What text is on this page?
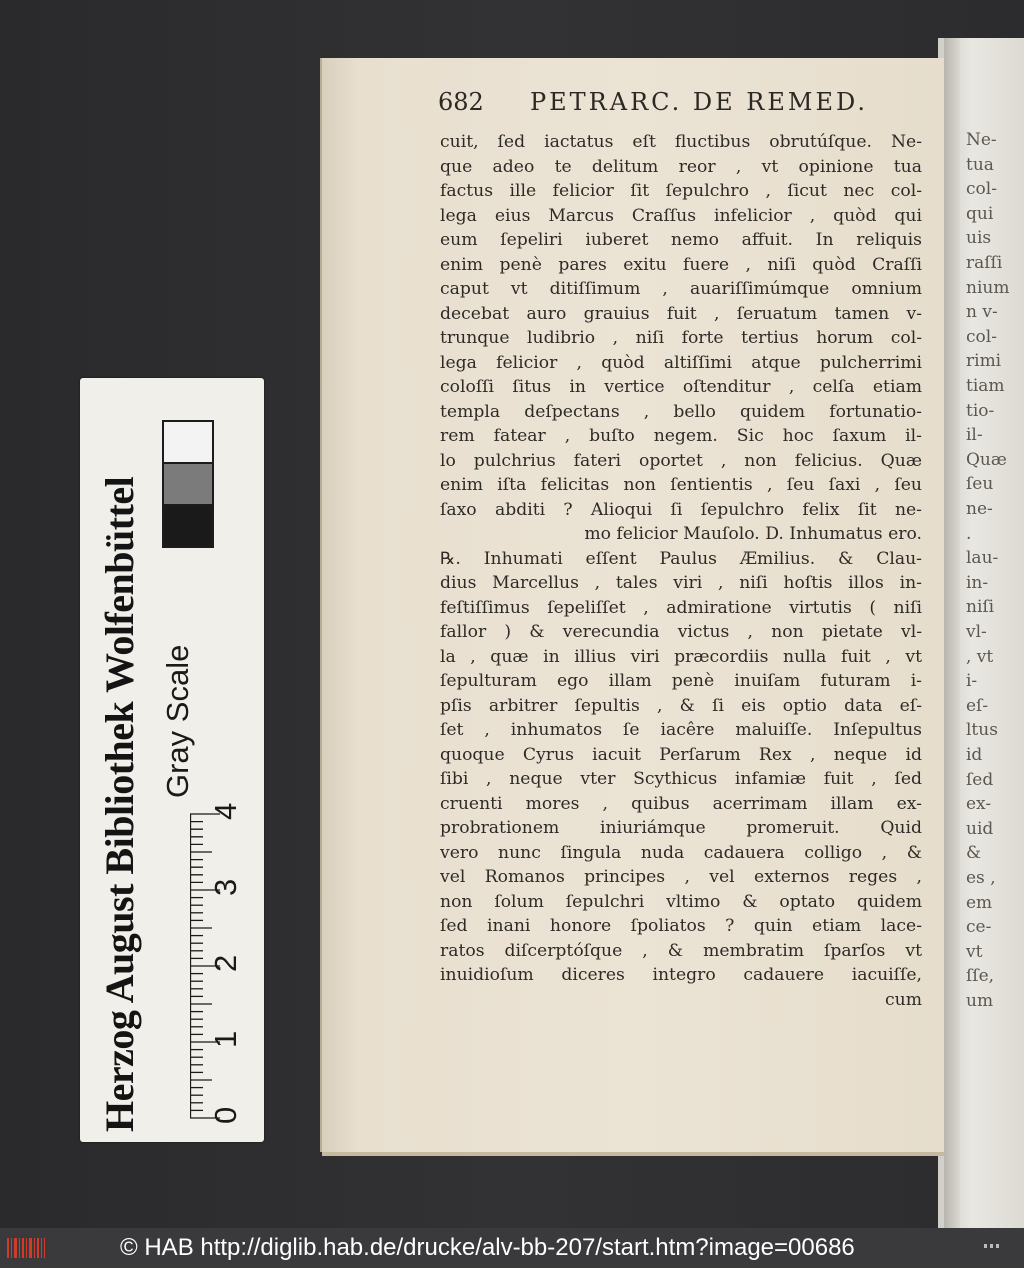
Ne-
tua
col-
qui
uis
raſſi
nium
n v-
col-
rimi
tiam
tio-
il-
Quæ
ſeu
ne-
.
lau-
in-
niſi
vl-
, vt
i-
eſ-
ltus
id
ſed
ex-
uid
&
es ,
em
ce-
vt
ſſe,
um
Herzog August Bibliothek Wolfenbüttel Gray Scale
0
1
2
3
4
682 PETRARC. DE REMED.
cuit, ſed iactatus eſt fluctibus obrutúſque. Ne-
que adeo te delitum reor , vt opinione tua
factus ille felicior ſit ſepulchro , ſicut nec col-
lega eius Marcus Craſſus infelicior , quòd qui
eum ſepeliri iuberet nemo affuit. In reliquis
enim penè pares exitu fuere , niſi quòd Craſſi
caput vt ditiſſimum , auariſſimúmque omnium
decebat auro grauius fuit , ſeruatum tamen v-
trunque ludibrio , niſi forte tertius horum col-
lega felicior , quòd altiſſimi atque pulcherrimi
coloſſi ſitus in vertice oſtenditur , celſa etiam
templa deſpectans , bello quidem fortunatio-
rem fatear , buſto negem. Sic hoc ſaxum il-
lo pulchrius fateri oportet , non felicius. Quæ
enim iſta felicitas non ſentientis , ſeu ſaxi , ſeu
ſaxo abditi ? Alioqui ſi ſepulchro felix ſit ne-
mo felicior Mauſolo. D. Inhumatus ero.
℞. Inhumati eſſent Paulus Æmilius. & Clau-
dius Marcellus , tales viri , niſi hoſtis illos in-
feſtiſſimus ſepeliſſet , admiratione virtutis ( niſi
fallor ) & verecundia victus , non pietate vl-
la , quæ in illius viri præcordiis nulla fuit , vt
ſepulturam ego illam penè inuiſam futuram i-
pſis arbitrer ſepultis , & ſi eis optio data eſ-
ſet , inhumatos ſe iacêre maluiſſe. Inſepultus
quoque Cyrus iacuit Perſarum Rex , neque id
ſibi , neque vter Scythicus infamiæ fuit , ſed
cruenti mores , quibus acerrimam illam ex-
probrationem iniuriámque promeruit. Quid
vero nunc ſingula nuda cadauera colligo , &
vel Romanos principes , vel externos reges ,
non ſolum ſepulchri vltimo & optato quidem
ſed inani honore ſpoliatos ? quin etiam lace-
ratos diſcerptóſque , & membratim ſparſos vt
inuidioſum diceres integro cadauere iacuiſſe,
cum
© HAB http://diglib.hab.de/drucke/alv-bb-207/start.htm?image=00686
